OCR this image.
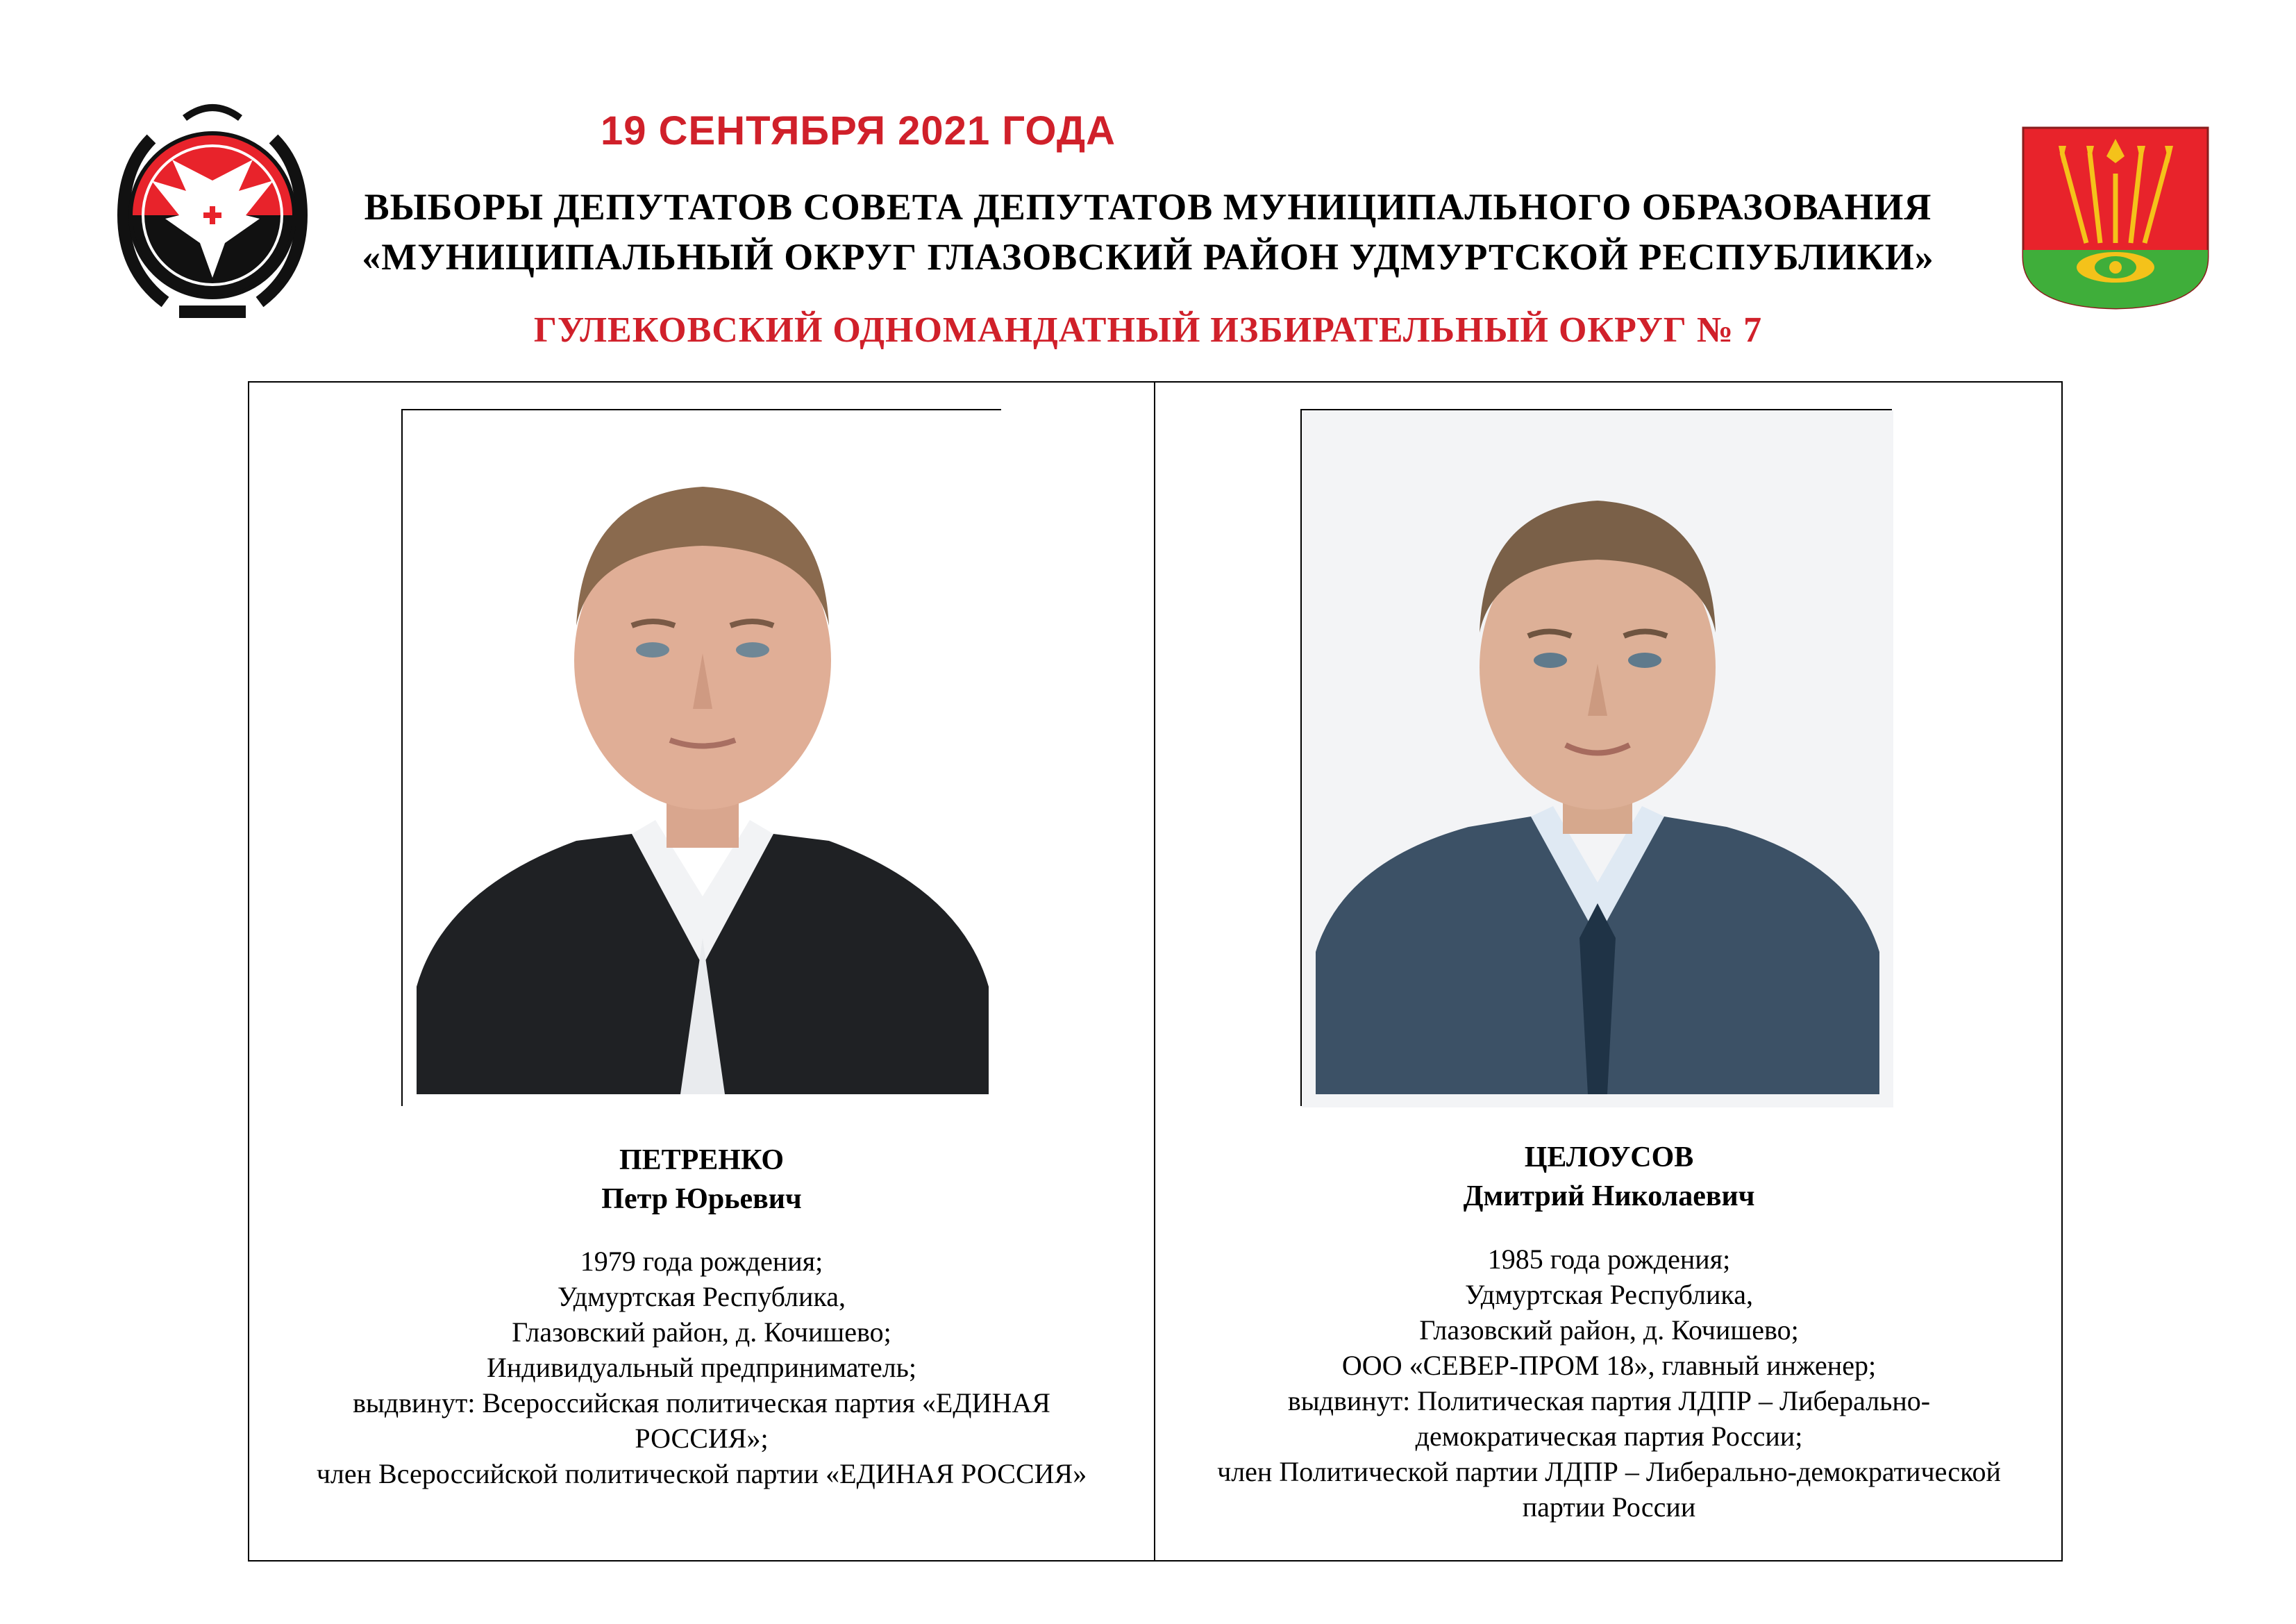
19 СЕНТЯБРЯ 2021 ГОДА
ВЫБОРЫ ДЕПУТАТОВ СОВЕТА ДЕПУТАТОВ МУНИЦИПАЛЬНОГО ОБРАЗОВАНИЯ
«МУНИЦИПАЛЬНЫЙ ОКРУГ ГЛАЗОВСКИЙ РАЙОН УДМУРТСКОЙ РЕСПУБЛИКИ»
ГУЛЕКОВСКИЙ ОДНОМАНДАТНЫЙ ИЗБИРАТЕЛЬНЫЙ ОКРУГ № 7
ПЕТРЕНКО
Петр Юрьевич
1979 года рождения;
Удмуртская Республика,
Глазовский район, д. Кочишево;
Индивидуальный предприниматель;
выдвинут: Всероссийская политическая партия «ЕДИНАЯ
РОССИЯ»;
член Всероссийской политической партии «ЕДИНАЯ РОССИЯ»
ЦЕЛОУСОВ
Дмитрий Николаевич
1985 года рождения;
Удмуртская Республика,
Глазовский район, д. Кочишево;
ООО «СЕВЕР-ПРОМ 18», главный инженер;
выдвинут: Политическая партия ЛДПР – Либерально-
демократическая партия России;
член Политической партии ЛДПР – Либерально-демократической
партии России
